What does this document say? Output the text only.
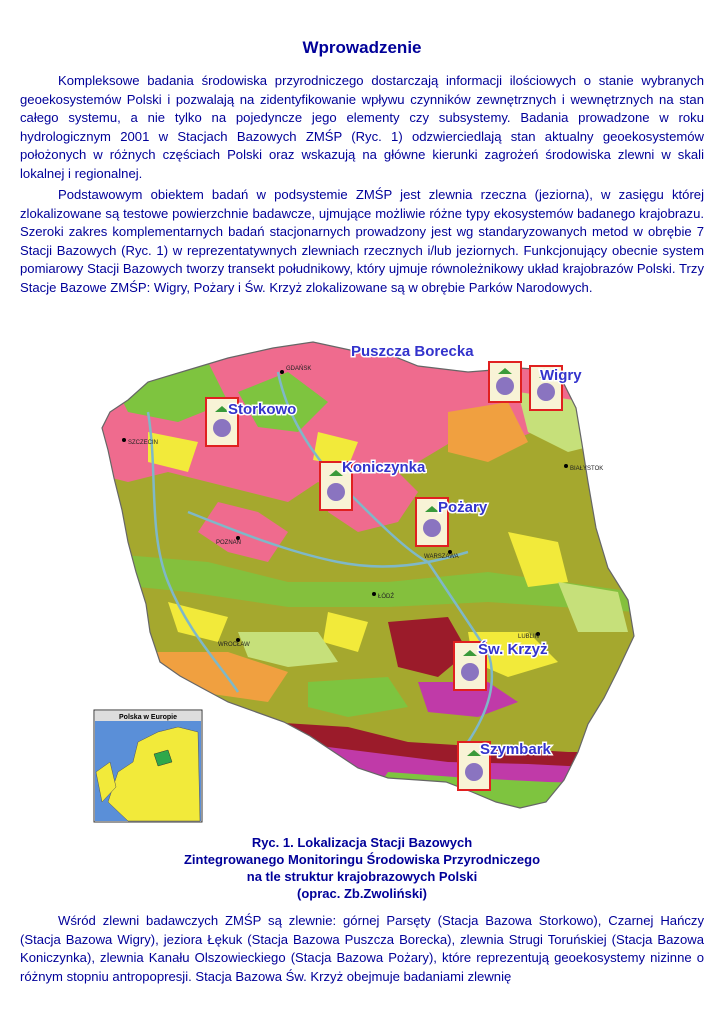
Wprowadzenie

Kompleksowe badania środowiska przyrodniczego dostarczają informacji ilościowych o stanie wybranych geoekosystemów Polski i pozwalają na zidentyfikowanie wpływu czynników zewnętrznych i wewnętrznych na stan całego systemu, a nie tylko na pojedyncze jego elementy czy subsystemy. Badania prowadzone w roku hydrologicznym 2001 w Stacjach Bazowych ZMŚP (Ryc. 1) odzwierciedlają stan aktualny geoekosystemów położonych w różnych częściach Polski oraz wskazują na główne kierunki zagrożeń środowiska zlewni w skali lokalnej i regionalnej.

Podstawowym obiektem badań w podsystemie ZMŚP jest zlewnia rzeczna (jeziorna), w zasięgu której zlokalizowane są testowe powierzchnie badawcze, ujmujące możliwie różne typy ekosystemów badanego krajobrazu. Szeroki zakres komplementarnych badań stacjonarnych prowadzony jest wg standaryzowanych metod w obrębie 7 Stacji Bazowych (Ryc. 1) w reprezentatywnych zlewniach rzecznych i/lub jeziornych. Funkcjonujący obecnie system pomiarowy Stacji Bazowych tworzy transekt południkowy, który ujmuje równoleżnikowy układ krajobrazów Polski. Trzy Stacje Bazowe ZMŚP: Wigry, Pożary i Św. Krzyż zlokalizowane są w obrębie Parków Narodowych.

GDAŃSK
SZCZECIN
BIAŁYSTOK
POZNAŃ
WARSZAWA
ŁÓDŹ
WROCŁAW
LUBLIN
Puszcza Borecka
Wigry
Storkowo
Koniczynka
Pożary
Św. Krzyż
Szymbark
Polska w Europie
Ryc. 1. Lokalizacja Stacji Bazowych
Zintegrowanego Monitoringu Środowiska Przyrodniczego
na tle struktur krajobrazowych Polski
(oprac. Zb.Zwoliński)

Wśród zlewni badawczych ZMŚP są zlewnie: górnej Parsęty (Stacja Bazowa Storkowo), Czarnej Hańczy (Stacja Bazowa Wigry), jeziora Łękuk (Stacja Bazowa Puszcza Borecka), zlewnia Strugi Toruńskiej (Stacja Bazowa Koniczynka), zlewnia Kanału Olszowieckiego (Stacja Bazowa Pożary), które reprezentują geoekosystemy nizinne o różnym stopniu antropopresji. Stacja Bazowa Św. Krzyż obejmuje badaniami zlewnię
